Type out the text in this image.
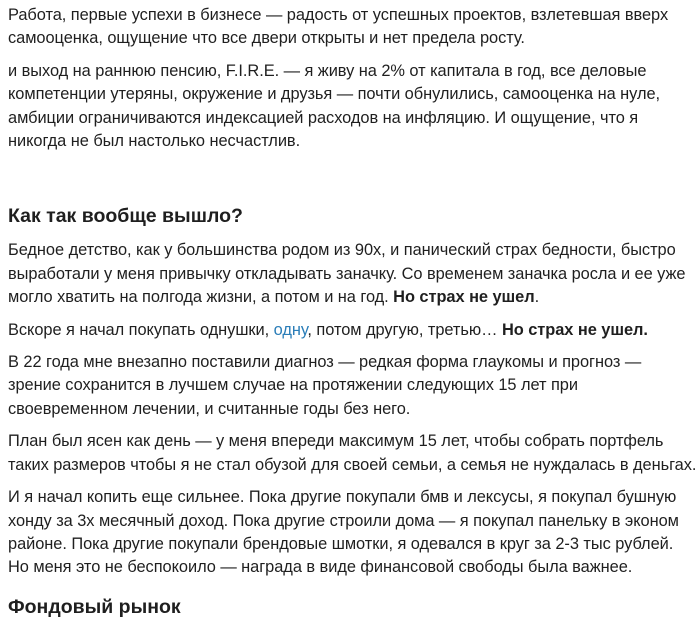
Работа, первые успехи в бизнесе — радость от успешных проектов, взлетевшая вверх самооценка, ощущение что все двери открыты и нет предела росту.

и выход на раннюю пенсию, F.I.R.E. — я живу на 2% от капитала в год, все деловые компетенции утеряны, окружение и друзья — почти обнулились, самооценка на нуле, амбиции ограничиваются индексацией расходов на инфляцию. И ощущение, что я никогда не был настолько несчастлив.

Как так вообще вышло?

Бедное детство, как у большинства родом из 90х, и панический страх бедности, быстро выработали у меня привычку откладывать заначку. Со временем заначка росла и ее уже могло хватить на полгода жизни, а потом и на год. Но страх не ушел.

Вскоре я начал покупать однушки, одну, потом другую, третью… Но страх не ушел.

В 22 года мне внезапно поставили диагноз — редкая форма глаукомы и прогноз — зрение сохранится в лучшем случае на протяжении следующих 15 лет при своевременном лечении, и считанные годы без него.

План был ясен как день — у меня впереди максимум 15 лет, чтобы собрать портфель таких размеров чтобы я не стал обузой для своей семьи, а семья не нуждалась в деньгах.

И я начал копить еще сильнее. Пока другие покупали бмв и лексусы, я покупал бушную хонду за 3х месячный доход. Пока другие строили дома — я покупал панельку в эконом районе. Пока другие покупали брендовые шмотки, я одевался в круг за 2-3 тыс рублей. Но меня это не беспокоило — награда в виде финансовой свободы была важнее.

Фондовый рынок
